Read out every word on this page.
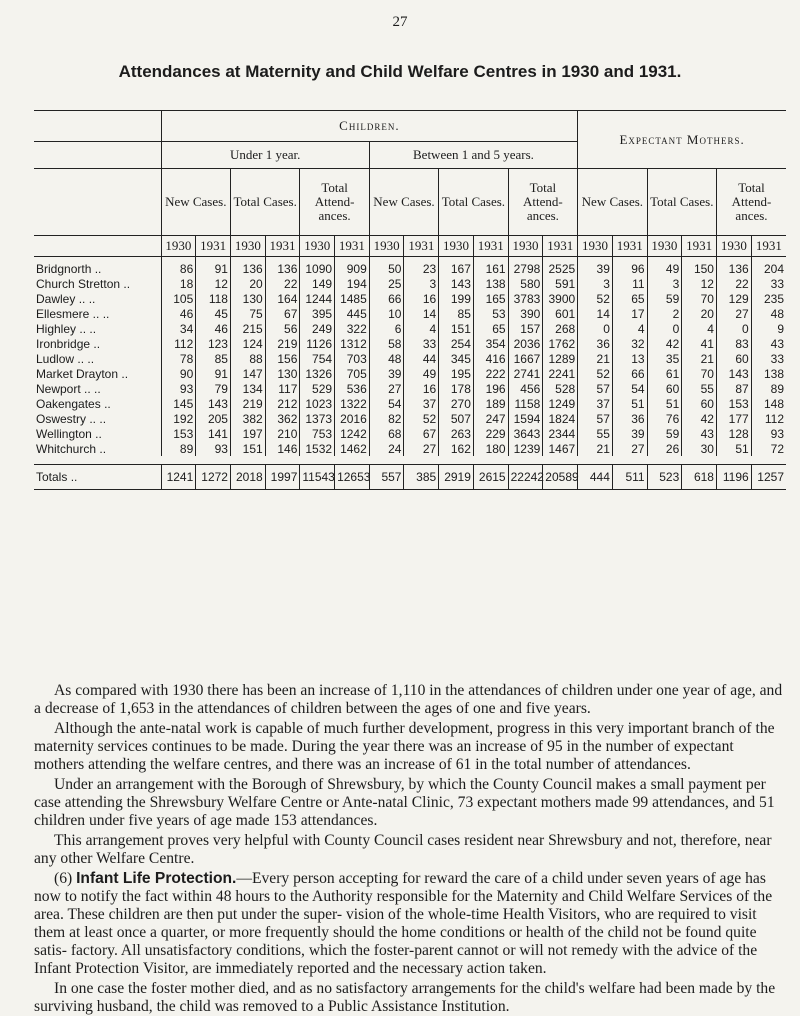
27
Attendances at Maternity and Child Welfare Centres in 1930 and 1931.
	Children.												Expectant Mothers.					
	Under 1 year.						Between 1 and 5 years.											
	New Cases.		Total Cases.		Total Attend- ances.		New Cases.		Total Cases.		Total Attend- ances.		New Cases.		Total Cases.		Total Attend- ances.	
	1930	1931	1930	1931	1930	1931	1930	1931	1930	1931	1930	1931	1930	1931	1930	1931	1930	1931
Bridgnorth ..	86	91	136	136	1090	909	50	23	167	161	2798	2525	39	96	49	150	136	204
Church Stretton ..	18	12	20	22	149	194	25	3	143	138	580	591	3	11	3	12	22	33
Dawley .. ..	105	118	130	164	1244	1485	66	16	199	165	3783	3900	52	65	59	70	129	235
Ellesmere .. ..	46	45	75	67	395	445	10	14	85	53	390	601	14	17	2	20	27	48
Highley .. ..	34	46	215	56	249	322	6	4	151	65	157	268	0	4	0	4	0	9
Ironbridge ..	112	123	124	219	1126	1312	58	33	254	354	2036	1762	36	32	42	41	83	43
Ludlow .. ..	78	85	88	156	754	703	48	44	345	416	1667	1289	21	13	35	21	60	33
Market Drayton ..	90	91	147	130	1326	705	39	49	195	222	2741	2241	52	66	61	70	143	138
Newport .. ..	93	79	134	117	529	536	27	16	178	196	456	528	57	54	60	55	87	89
Oakengates ..	145	143	219	212	1023	1322	54	37	270	189	1158	1249	37	51	51	60	153	148
Oswestry .. ..	192	205	382	362	1373	2016	82	52	507	247	1594	1824	57	36	76	42	177	112
Wellington ..	153	141	197	210	753	1242	68	67	263	229	3643	2344	55	39	59	43	128	93
Whitchurch ..	89	93	151	146	1532	1462	24	27	162	180	1239	1467	21	27	26	30	51	72

Totals ..	1241	1272	2018	1997	11543	12653	557	385	2919	2615	22242	20589	444	511	523	618	1196	1257

As compared with 1930 there has been an increase of 1,110 in the attendances of children under one year of age, and a decrease of 1,653 in the attendances of children between the ages of one and five years.

Although the ante-natal work is capable of much further development, progress in this very important branch of the maternity services continues to be made. During the year there was an increase of 95 in the number of expectant mothers attending the welfare centres, and there was an increase of 61 in the total number of attendances.

Under an arrangement with the Borough of Shrewsbury, by which the County Council makes a small payment per case attending the Shrewsbury Welfare Centre or Ante-natal Clinic, 73 expectant mothers made 99 attendances, and 51 children under five years of age made 153 attendances.

This arrangement proves very helpful with County Council cases resident near Shrewsbury and not, therefore, near any other Welfare Centre.

(6) Infant Life Protection.—Every person accepting for reward the care of a child under seven years of age has now to notify the fact within 48 hours to the Authority responsible for the Maternity and Child Welfare Services of the area. These children are then put under the super- vision of the whole-time Health Visitors, who are required to visit them at least once a quarter, or more frequently should the home conditions or health of the child not be found quite satis- factory. All unsatisfactory conditions, which the foster-parent cannot or will not remedy with the advice of the Infant Protection Visitor, are immediately reported and the necessary action taken.

In one case the foster mother died, and as no satisfactory arrangements for the child's welfare had been made by the surviving husband, the child was removed to a Public Assistance Institution.
